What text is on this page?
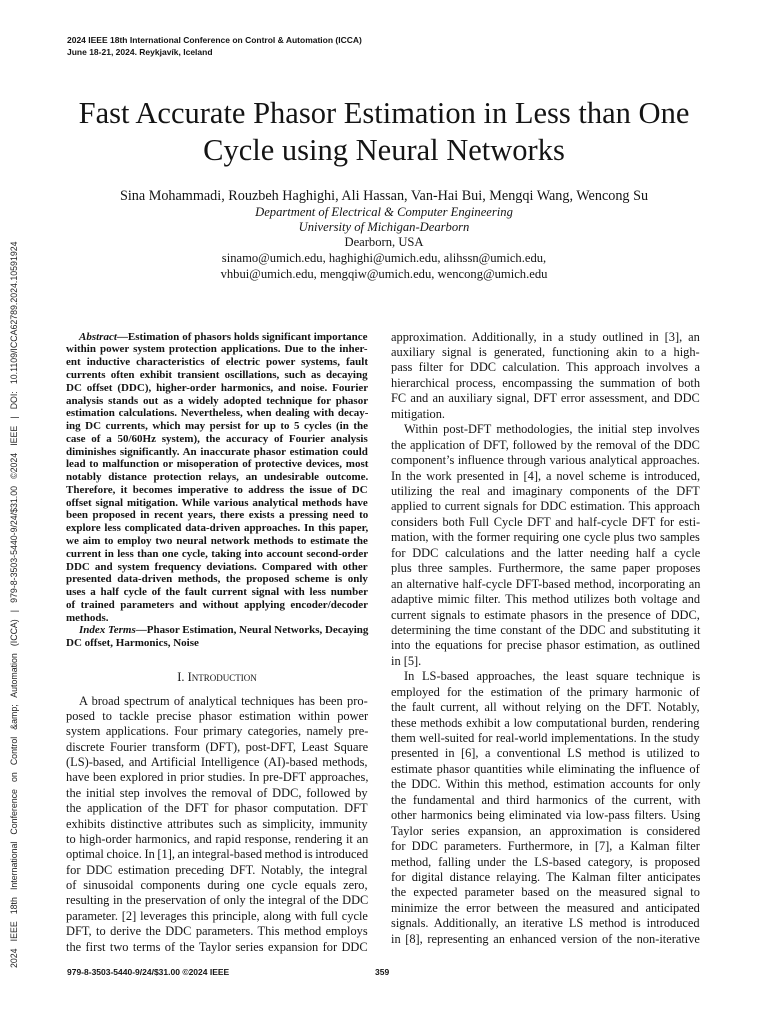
2024 IEEE 18th International Conference on Control & Automation (ICCA)
June 18-21, 2024. Reykjavík, Iceland
2024 IEEE 18th International Conference on Control &amp; Automation (ICCA) | 979-8-3503-5440-9/24/$31.00 ©2024 IEEE | DOI: 10.1109/ICCA62789.2024.10591924
Fast Accurate Phasor Estimation in Less than One
Cycle using Neural Networks
Sina Mohammadi, Rouzbeh Haghighi, Ali Hassan, Van-Hai Bui, Mengqi Wang, Wencong Su
Department of Electrical & Computer Engineering
University of Michigan-Dearborn
Dearborn, USA
sinamo@umich.edu, haghighi@umich.edu, alihssn@umich.edu,
vhbui@umich.edu, mengqiw@umich.edu, wencong@umich.edu
I. Introduction
Abstract—Estimation of phasors holds significant importance
within power system protection applications. Due to the inher-
ent inductive characteristics of electric power systems, fault
currents often exhibit transient oscillations, such as decaying
DC offset (DDC), higher-order harmonics, and noise. Fourier
analysis stands out as a widely adopted technique for phasor
estimation calculations. Nevertheless, when dealing with decay-
ing DC currents, which may persist for up to 5 cycles (in the
case of a 50/60Hz system), the accuracy of Fourier analysis
diminishes significantly. An inaccurate phasor estimation could
lead to malfunction or misoperation of protective devices, most
notably distance protection relays, an undesirable outcome.
Therefore, it becomes imperative to address the issue of DC
offset signal mitigation. While various analytical methods have
been proposed in recent years, there exists a pressing need to
explore less complicated data-driven approaches. In this paper,
we aim to employ two neural network methods to estimate the
current in less than one cycle, taking into account second-order
DDC and system frequency deviations. Compared with other
presented data-driven methods, the proposed scheme is only
uses a half cycle of the fault current signal with less number
of trained parameters and without applying encoder/decoder
methods.
Index Terms—Phasor Estimation, Neural Networks, Decaying
DC offset, Harmonics, Noise
A broad spectrum of analytical techniques has been pro-
posed to tackle precise phasor estimation within power
system applications. Four primary categories, namely pre-
discrete Fourier transform (DFT), post-DFT, Least Square
(LS)-based, and Artificial Intelligence (AI)-based methods,
have been explored in prior studies. In pre-DFT approaches,
the initial step involves the removal of DDC, followed by
the application of the DFT for phasor computation. DFT
exhibits distinctive attributes such as simplicity, immunity
to high-order harmonics, and rapid response, rendering it an
optimal choice. In [1], an integral-based method is introduced
for DDC estimation preceding DFT. Notably, the integral
of sinusoidal components during one cycle equals zero,
resulting in the preservation of only the integral of the DDC
parameter. [2] leverages this principle, along with full cycle
DFT, to derive the DDC parameters. This method employs
the first two terms of the Taylor series expansion for DDC
approximation. Additionally, in a study outlined in [3], an
auxiliary signal is generated, functioning akin to a high-
pass filter for DDC calculation. This approach involves a
hierarchical process, encompassing the summation of both
FC and an auxiliary signal, DFT error assessment, and DDC
mitigation.
Within post-DFT methodologies, the initial step involves
the application of DFT, followed by the removal of the DDC
component’s influence through various analytical approaches.
In the work presented in [4], a novel scheme is introduced,
utilizing the real and imaginary components of the DFT
applied to current signals for DDC estimation. This approach
considers both Full Cycle DFT and half-cycle DFT for esti-
mation, with the former requiring one cycle plus two samples
for DDC calculations and the latter needing half a cycle
plus three samples. Furthermore, the same paper proposes
an alternative half-cycle DFT-based method, incorporating an
adaptive mimic filter. This method utilizes both voltage and
current signals to estimate phasors in the presence of DDC,
determining the time constant of the DDC and substituting it
into the equations for precise phasor estimation, as outlined
in [5].
In LS-based approaches, the least square technique is
employed for the estimation of the primary harmonic of
the fault current, all without relying on the DFT. Notably,
these methods exhibit a low computational burden, rendering
them well-suited for real-world implementations. In the study
presented in [6], a conventional LS method is utilized to
estimate phasor quantities while eliminating the influence of
the DDC. Within this method, estimation accounts for only
the fundamental and third harmonics of the current, with
other harmonics being eliminated via low-pass filters. Using
Taylor series expansion, an approximation is considered
for DDC parameters. Furthermore, in [7], a Kalman filter
method, falling under the LS-based category, is proposed
for digital distance relaying. The Kalman filter anticipates
the expected parameter based on the measured signal to
minimize the error between the measured and anticipated
signals. Additionally, an iterative LS method is introduced
in [8], representing an enhanced version of the non-iterative
979-8-3503-5440-9/24/$31.00 ©2024 IEEE	359
